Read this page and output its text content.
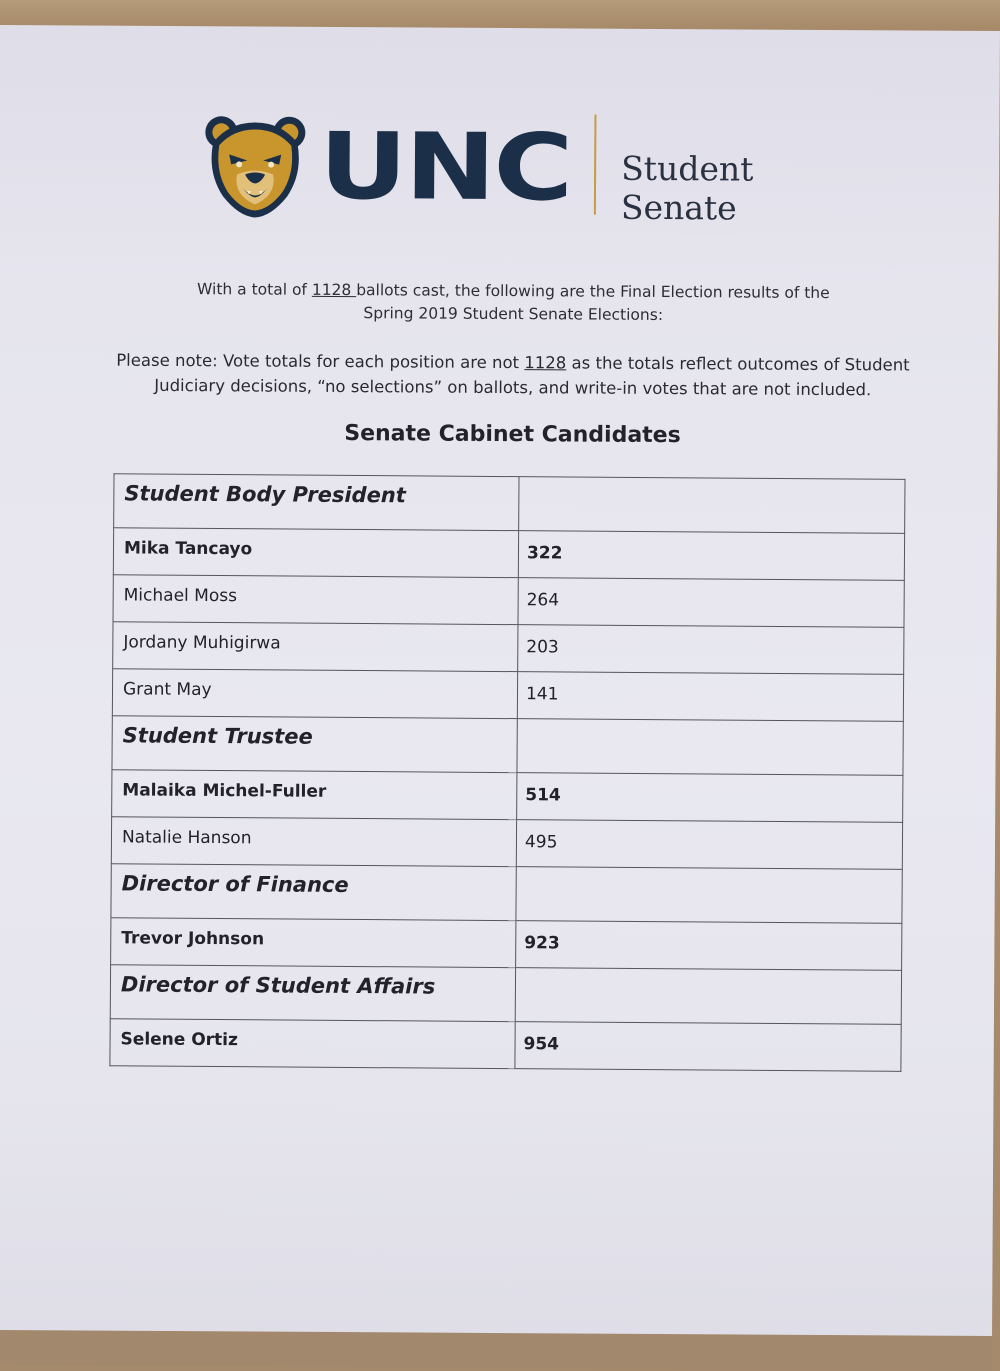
UNC Student Senate
With a total of 1128 ballots cast, the following are the Final Election results of the
Spring 2019 Student Senate Elections:
Please note: Vote totals for each position are not 1128 as the totals reflect outcomes of Student
Judiciary decisions, “no selections” on ballots, and write-in votes that are not included.
Senate Cabinet Candidates
Student Body President	
Mika Tancayo	322
Michael Moss	264
Jordany Muhigirwa	203
Grant May	141
Student Trustee	
Malaika Michel-Fuller	514
Natalie Hanson	495
Director of Finance	
Trevor Johnson	923
Director of Student Affairs	
Selene Ortiz	954
